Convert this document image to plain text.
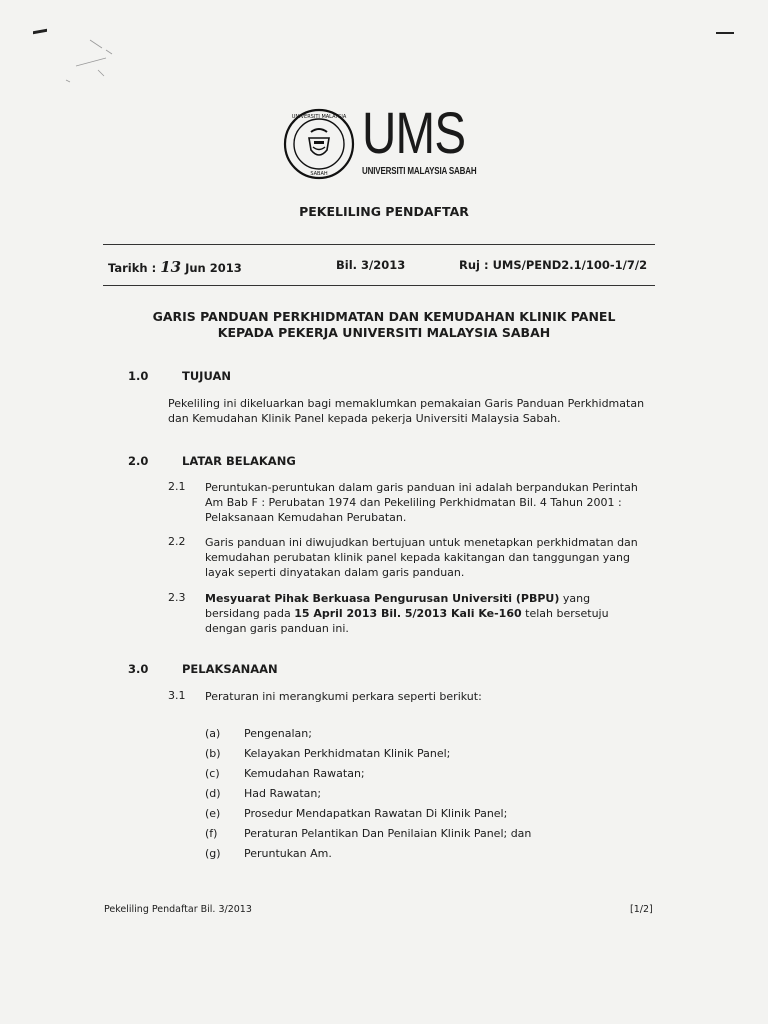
UNIVERSITI MALAYSIA
SABAH
UMS
UNIVERSITI MALAYSIA SABAH
PEKELILING PENDAFTAR
Tarikh : 13 Jun 2013	Bil. 3/2013	Ruj : UMS/PEND2.1/100-1/7/2
GARIS PANDUAN PERKHIDMATAN DAN KEMUDAHAN KLINIK PANEL
KEPADA PEKERJA UNIVERSITI MALAYSIA SABAH
1.0	TUJUAN
Pekeliling ini dikeluarkan bagi memaklumkan pemakaian Garis Panduan Perkhidmatan
dan Kemudahan Klinik Panel kepada pekerja Universiti Malaysia Sabah.
2.0	LATAR BELAKANG
2.1 Peruntukan-peruntukan dalam garis panduan ini adalah berpandukan Perintah
Am Bab F : Perubatan 1974 dan Pekeliling Perkhidmatan Bil. 4 Tahun 2001 :
Pelaksanaan Kemudahan Perubatan.
2.2 Garis panduan ini diwujudkan bertujuan untuk menetapkan perkhidmatan dan
kemudahan perubatan klinik panel kepada kakitangan dan tanggungan yang
layak seperti dinyatakan dalam garis panduan.
2.3 Mesyuarat Pihak Berkuasa Pengurusan Universiti (PBPU) yang
bersidang pada 15 April 2013 Bil. 5/2013 Kali Ke-160 telah bersetuju
dengan garis panduan ini.
3.0	PELAKSANAAN
3.1 Peraturan ini merangkumi perkara seperti berikut:
(a) Pengenalan;
(b) Kelayakan Perkhidmatan Klinik Panel;
(c) Kemudahan Rawatan;
(d) Had Rawatan;
(e) Prosedur Mendapatkan Rawatan Di Klinik Panel;
(f) Peraturan Pelantikan Dan Penilaian Klinik Panel; dan
(g) Peruntukan Am.
Pekeliling Pendaftar Bil. 3/2013	[1/2]
